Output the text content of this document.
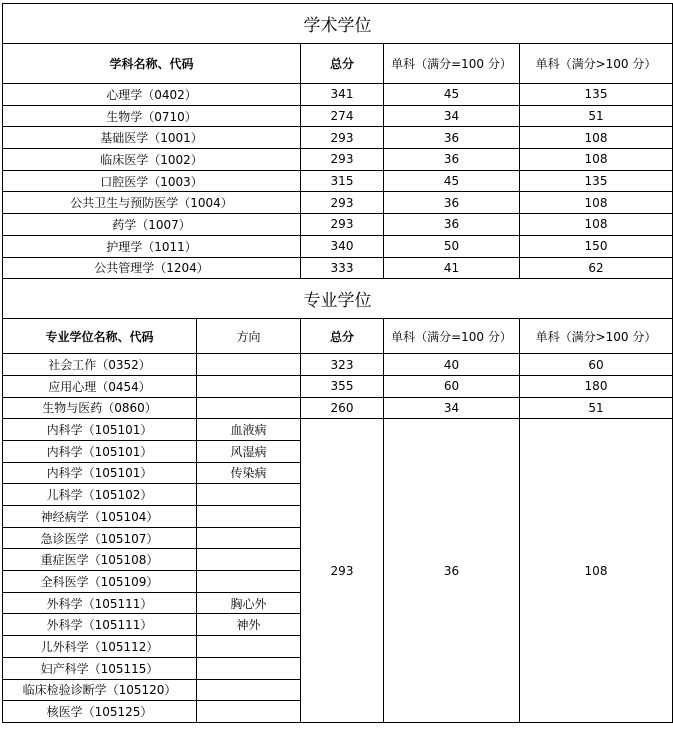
学术学位				
学科名称、代码		总分	单科（满分=100 分）	单科（满分>100 分）
心理学（0402）		341	45	135
生物学（0710）		274	34	51
基础医学（1001）		293	36	108
临床医学（1002）		293	36	108
口腔医学（1003）		315	45	135
公共卫生与预防医学（1004）		293	36	108
药学（1007）		293	36	108
护理学（1011）		340	50	150
公共管理学（1204）		333	41	62
专业学位				
专业学位名称、代码	方向	总分	单科（满分=100 分）	单科（满分>100 分）
社会工作（0352）		323	40	60
应用心理（0454）		355	60	180
生物与医药（0860）		260	34	51
内科学（105101）	血液病	293	36	108
内科学（105101）	风湿病			
内科学（105101）	传染病			
儿科学（105102）				
神经病学（105104）				
急诊医学（105107）				
重症医学（105108）				
全科医学（105109）				
外科学（105111）	胸心外			
外科学（105111）	神外			
儿外科学（105112）				
妇产科学（105115）				
临床检验诊断学（105120）				
核医学（105125）				
